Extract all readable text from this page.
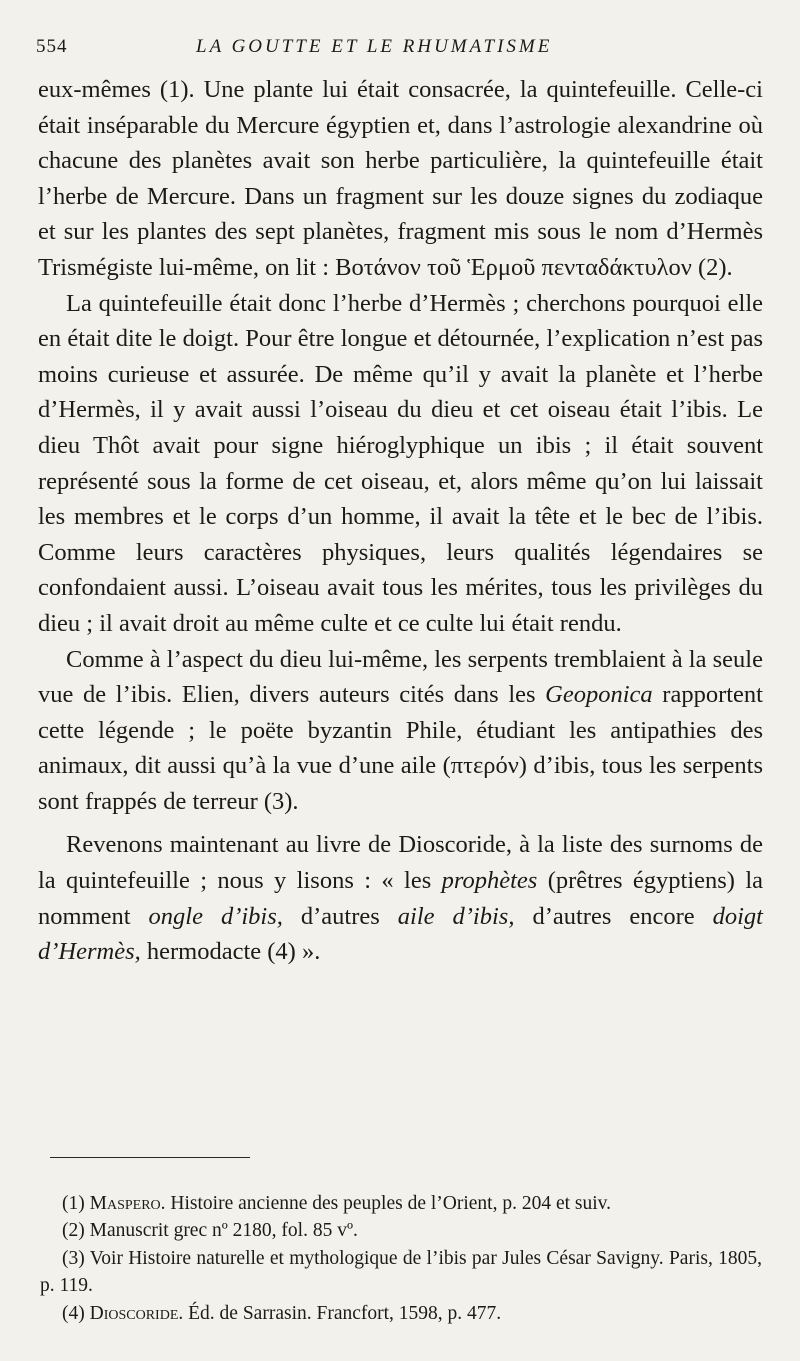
554	LA GOUTTE ET LE RHUMATISME

eux-mêmes (1). Une plante lui était consacrée, la quintefeuille. Celle-ci était inséparable du Mercure égyptien et, dans l’astrologie alexandrine où chacune des planètes avait son herbe particulière, la quintefeuille était l’herbe de Mercure. Dans un fragment sur les douze signes du zodiaque et sur les plantes des sept planètes, fragment mis sous le nom d’Hermès Trismégiste lui-même, on lit : Βοτάνον τοῦ Ἑρμοῦ πενταδάκτυλον (2).

La quintefeuille était donc l’herbe d’Hermès ; cherchons pourquoi elle en était dite le doigt. Pour être longue et détournée, l’explication n’est pas moins curieuse et assurée. De même qu’il y avait la planète et l’herbe d’Hermès, il y avait aussi l’oiseau du dieu et cet oiseau était l’ibis. Le dieu Thôt avait pour signe hiéroglyphique un ibis ; il était souvent représenté sous la forme de cet oiseau, et, alors même qu’on lui laissait les membres et le corps d’un homme, il avait la tête et le bec de l’ibis. Comme leurs caractères physiques, leurs qualités légendaires se confondaient aussi. L’oiseau avait tous les mérites, tous les privilèges du dieu ; il avait droit au même culte et ce culte lui était rendu.

Comme à l’aspect du dieu lui-même, les serpents tremblaient à la seule vue de l’ibis. Elien, divers auteurs cités dans les Geoponica rapportent cette légende ; le poëte byzantin Phile, étudiant les antipathies des animaux, dit aussi qu’à la vue d’une aile (πτερόν) d’ibis, tous les serpents sont frappés de terreur (3).

Revenons maintenant au livre de Dioscoride, à la liste des surnoms de la quintefeuille ; nous y lisons : « les prophètes (prêtres égyptiens) la nomment ongle d’ibis, d’autres aile d’ibis, d’autres encore doigt d’Hermès, hermodacte (4) ».

(1) Maspero. Histoire ancienne des peuples de l’Orient, p. 204 et suiv.

(2) Manuscrit grec nº 2180, fol. 85 vº.

(3) Voir Histoire naturelle et mythologique de l’ibis par Jules César Savigny. Paris, 1805, p. 119.

(4) Dioscoride. Éd. de Sarrasin. Francfort, 1598, p. 477.
